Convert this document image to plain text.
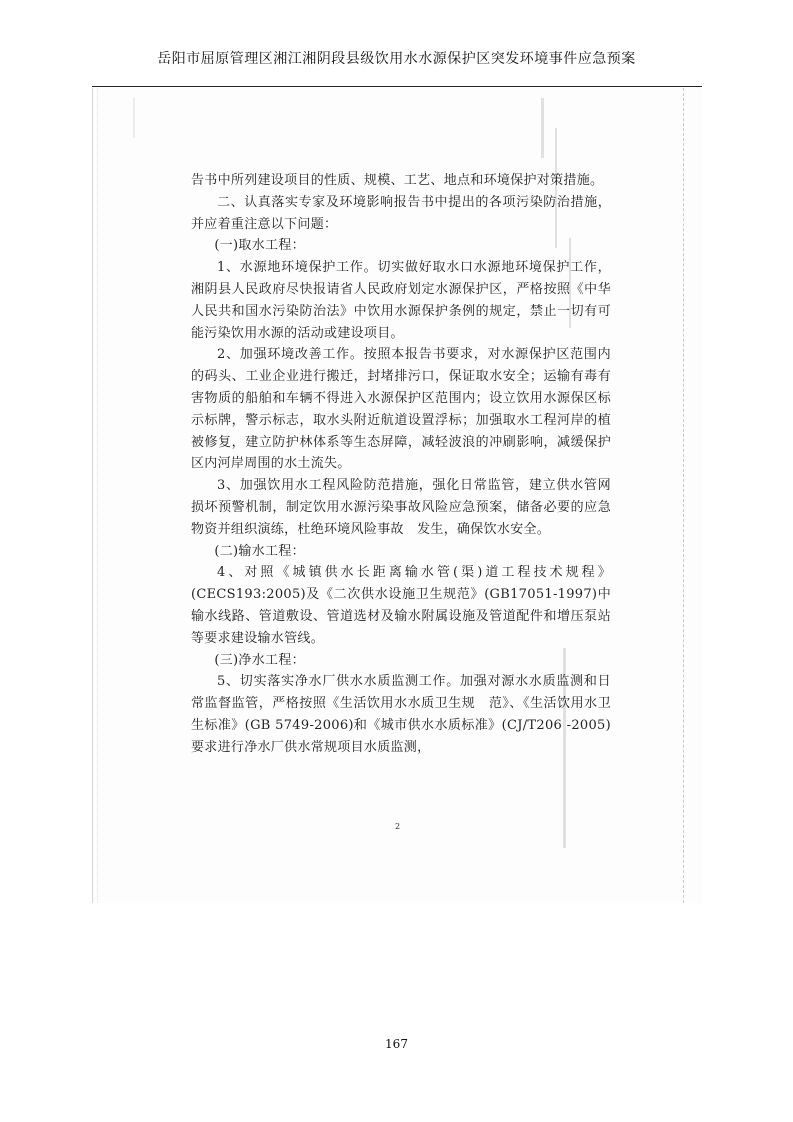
岳阳市屈原管理区湘江湘阴段县级饮用水水源保护区突发环境事件应急预案

告书中所列建设项目的性质、规模、工艺、地点和环境保护对策措施。

二、认真落实专家及环境影响报告书中提出的各项污染防治措施，并应着重注意以下问题：

(一)取水工程：

1、水源地环境保护工作。切实做好取水口水源地环境保护工作，湘阴县人民政府尽快报请省人民政府划定水源保护区，严格按照《中华人民共和国水污染防治法》中饮用水源保护条例的规定，禁止一切有可能污染饮用水源的活动或建设项目。

2、加强环境改善工作。按照本报告书要求，对水源保护区范围内的码头、工业企业进行搬迁，封堵排污口，保证取水安全；运输有毒有害物质的船舶和车辆不得进入水源保护区范围内；设立饮用水源保区标示标牌，警示标志，取水头附近航道设置浮标；加强取水工程河岸的植被修复，建立防护林体系等生态屏障，减轻波浪的冲刷影响，减缓保护区内河岸周围的水土流失。

3、加强饮用水工程风险防范措施，强化日常监管，建立供水管网损坏预警机制，制定饮用水源污染事故风险应急预案，储备必要的应急物资并组织演练，杜绝环境风险事故　发生，确保饮水安全。

(二)输水工程：

4、对照《城镇供水长距离输水管(渠)道工程技术规程》(CECS193:2005)及《二次供水设施卫生规范》(GB17051-1997)中输水线路、管道敷设、管道选材及输水附属设施及管道配件和增压泵站等要求建设输水管线。

(三)净水工程：

5、切实落实净水厂供水水质监测工作。加强对源水水质监测和日常监督监管，严格按照《生活饮用水水质卫生规　范》、《生活饮用水卫生标准》(GB 5749-2006)和《城市供水水质标准》(CJ/T206 -2005)要求进行净水厂供水常规项目水质监测，

2
167
